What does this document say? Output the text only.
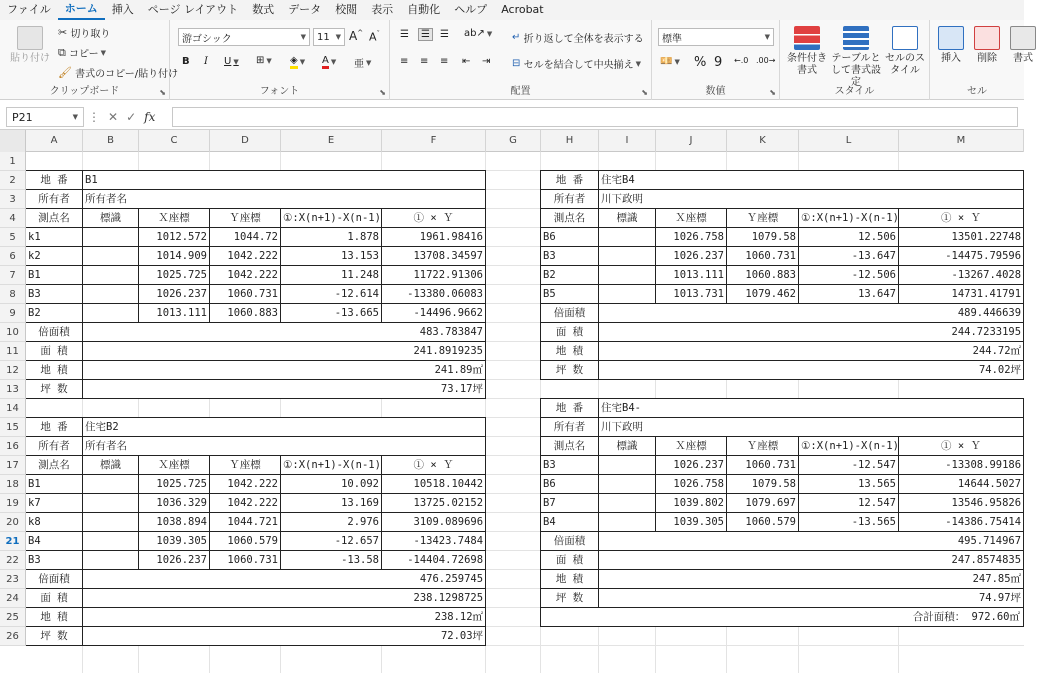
ファイル	ホーム	挿入	ページ レイアウト	数式	データ	校閲	表示	自動化	ヘルプ	Acrobat
貼り付け
✂
切り取り
⧉
コピー ▼
🖌
書式のコピー/貼り付け
クリップボード	⬊
游ゴシック	▼ 11 ▼ A^ $A^ˇ$
B I U ▼ ⊞ ▼ ◈ ▼ A ▼ 亜 ▼
フォント	⬊
☰ ☰ ☰ ab↗ ▼
≡ ≡ ≡ ⇤ ⇥
↵
折り返して全体を表示する
⊟
セルを結合して中央揃え ▼
配置	⬊
標準	▼
💴 ▼ % 9 ←.0 .00→
数値	⬊
条件付き書式
テーブルとして書式設定
セルのスタイル
スタイル
挿入	削除	書式
セル
P21	▼ ⋮ ✕ ✓ fx
地 番	B1				
所有者	所有者名				
測点名	標識	Ｘ座標	Ｙ座標	①:X(n+1)-X(n-1)	① × Ｙ
k1		1012.572	1044.72	1.878	1961.98416
k2		1014.909	1042.222	13.153	13708.34597
B1		1025.725	1042.222	11.248	11722.91306
B3		1026.237	1060.731	-12.614	-13380.06083
B2		1013.111	1060.883	-13.665	-14496.9662
倍面積	483.783847				
面 積	241.8919235				
地 積	241.89㎡				
坪 数	73.17坪				
地 番	住宅B2				
所有者	所有者名				
測点名	標識	Ｘ座標	Ｙ座標	①:X(n+1)-X(n-1)	① × Ｙ
B1		1025.725	1042.222	10.092	10518.10442
k7		1036.329	1042.222	13.169	13725.02152
k8		1038.894	1044.721	2.976	3109.089696
B4		1039.305	1060.579	-12.657	-13423.7484
B3		1026.237	1060.731	-13.58	-14404.72698
倍面積	476.259745				
面 積	238.1298725				
地 積	238.12㎡				
坪 数	72.03坪				
地 番	住宅B4				
所有者	川下政明				
測点名	標識	Ｘ座標	Ｙ座標	①:X(n+1)-X(n-1)	① × Ｙ
B6		1026.758	1079.58	12.506	13501.22748
B3		1026.237	1060.731	-13.647	-14475.79596
B2		1013.111	1060.883	-12.506	-13267.4028
B5		1013.731	1079.462	13.647	14731.41791
倍面積	489.446639				
面 積	244.7233195				
地 積	244.72㎡				
坪 数	74.02坪				
地 番	住宅B4-				
所有者	川下政明				
測点名	標識	Ｘ座標	Ｙ座標	①:X(n+1)-X(n-1)	① × Ｙ
B3		1026.237	1060.731	-12.547	-13308.99186
B6		1026.758	1079.58	13.565	14644.5027
B7		1039.802	1079.697	12.547	13546.95826
B4		1039.305	1060.579	-13.565	-14386.75414
倍面積	495.714967				
面 積	247.8574835				
地 積	247.85㎡				
坪 数	74.97坪				
合計面積： 972.60㎡
A	B	C	D	E	F	G	H	I	J	K	L	M
1
2
3
4
5
6
7
8
9
10
11
12
13
14
15
16
17
18
19
20
21
22
23
24
25
26
